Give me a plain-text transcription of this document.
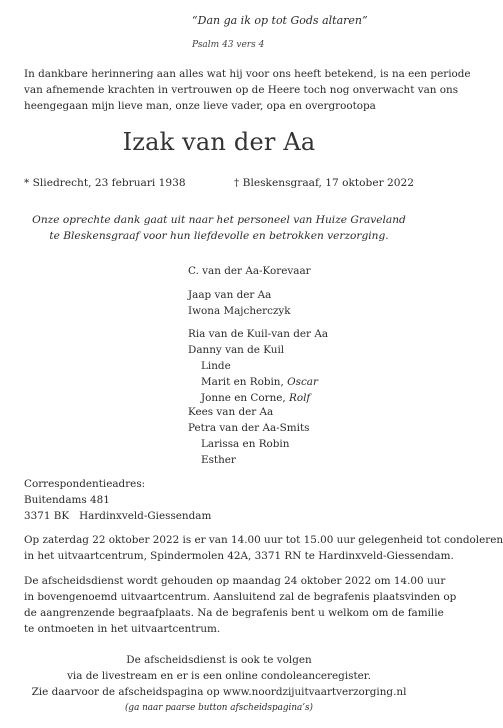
“Dan ga ik op tot Gods altaren”
Psalm 43 vers 4
In dankbare herinnering aan alles wat hij voor ons heeft betekend, is na een periode
van afnemende krachten in vertrouwen op de Heere toch nog onverwacht van ons
heengegaan mijn lieve man, onze lieve vader, opa en overgrootopa
Izak van der Aa
* Sliedrecht, 23 februari 1938	† Bleskensgraaf, 17 oktober 2022
Onze oprechte dank gaat uit naar het personeel van Huize Graveland
te Bleskensgraaf voor hun liefdevolle en betrokken verzorging.
C. van der Aa-Korevaar
Jaap van der Aa
Iwona Majcherczyk
Ria van de Kuil-van der Aa
Danny van de Kuil
Linde
Marit en Robin, Oscar
Jonne en Corne, Rolf
Kees van der Aa
Petra van der Aa-Smits
Larissa en Robin
Esther
Correspondentieadres:
Buitendams 481
3371 BK Hardinxveld-Giessendam
Op zaterdag 22 oktober 2022 is er van 14.00 uur tot 15.00 uur gelegenheid tot condoleren
in het uitvaartcentrum, Spindermolen 42A, 3371 RN te Hardinxveld-Giessendam.
De afscheidsdienst wordt gehouden op maandag 24 oktober 2022 om 14.00 uur
in bovengenoemd uitvaartcentrum. Aansluitend zal de begrafenis plaatsvinden op
de aangrenzende begraafplaats. Na de begrafenis bent u welkom om de familie
te ontmoeten in het uitvaartcentrum.
De afscheidsdienst is ook te volgen
via de livestream en er is een online condoleanceregister.
Zie daarvoor de afscheidspagina op www.noordzijuitvaartverzorging.nl
(ga naar paarse button afscheidspagina’s)
